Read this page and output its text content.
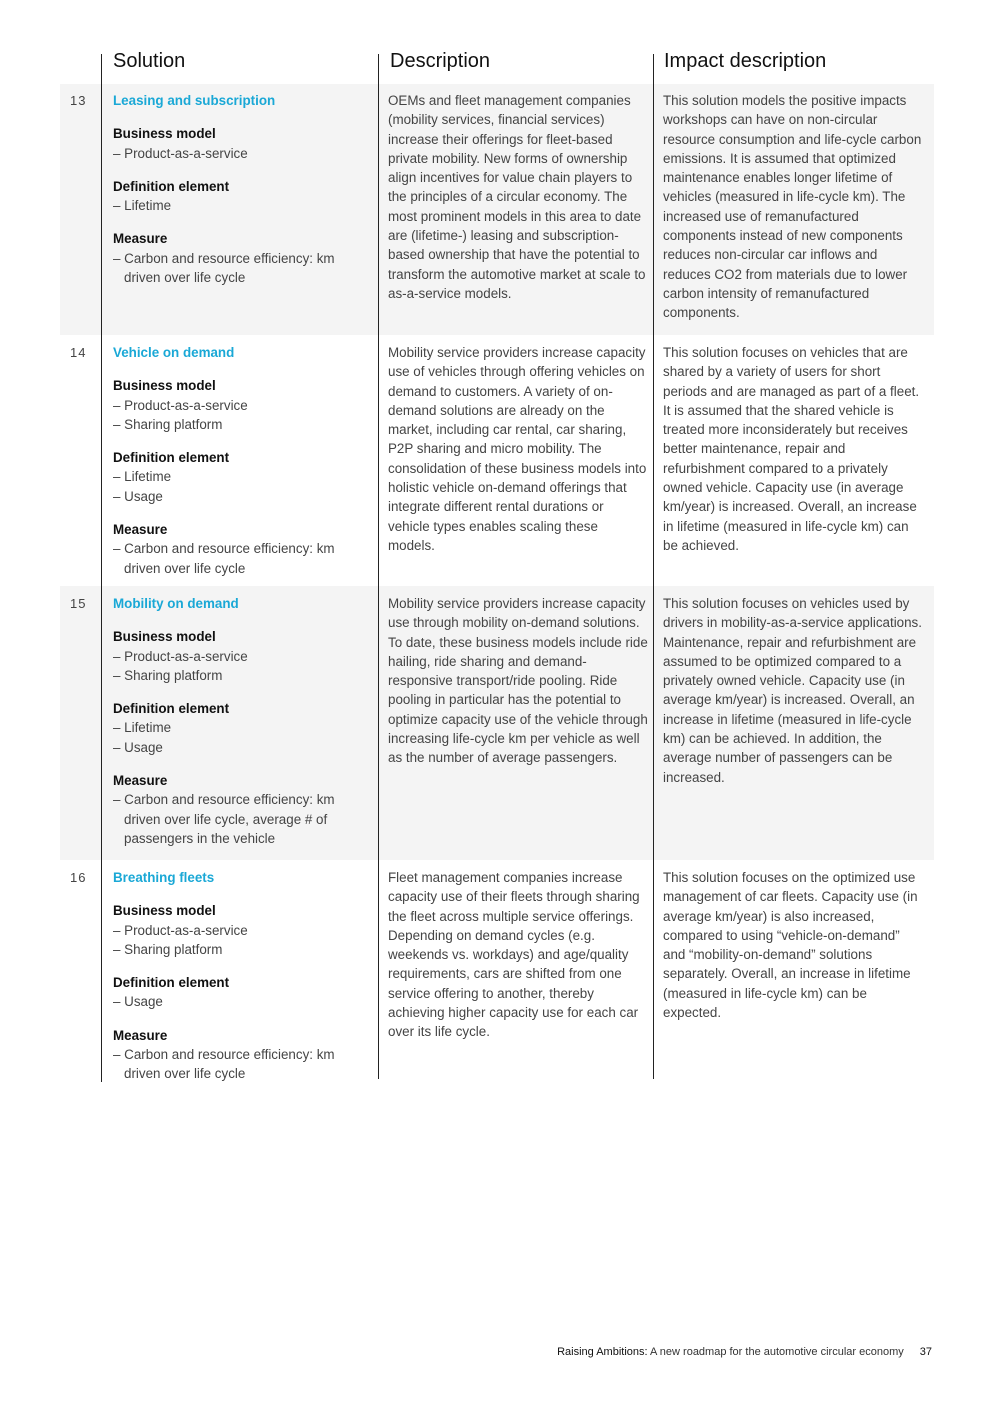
Solution	Description	Impact description
13 Leasing and subscription
Business model
– Product-as-a-service
Definition element
– Lifetime
Measure
– Carbon and resource efficiency: km driven over life cycle
OEMs and fleet management companies (mobility services, financial services) increase their offerings for fleet-based private mobility. New forms of ownership align incentives for value chain players to the principles of a circular economy. The most prominent models in this area to date are (lifetime-) leasing and subscription-based ownership that have the potential to transform the automotive market at scale to as-a-service models.
This solution models the positive impacts workshops can have on non-circular resource consumption and life-cycle carbon emissions. It is assumed that optimized maintenance enables longer lifetime of vehicles (measured in life-cycle km). The increased use of remanufactured components instead of new components reduces non-circular car inflows and reduces CO2 from materials due to lower carbon intensity of remanufactured components.
14 Vehicle on demand
Business model
– Product-as-a-service
– Sharing platform
Definition element
– Lifetime
– Usage
Measure
– Carbon and resource efficiency: km driven over life cycle
Mobility service providers increase capacity use of vehicles through offering vehicles on demand to customers. A variety of on-demand solutions are already on the market, including car rental, car sharing, P2P sharing and micro mobility. The consolidation of these business models into holistic vehicle on-demand offerings that integrate different rental durations or vehicle types enables scaling these models.
This solution focuses on vehicles that are shared by a variety of users for short periods and are managed as part of a fleet. It is assumed that the shared vehicle is treated more inconsiderately but receives better maintenance, repair and refurbishment compared to a privately owned vehicle. Capacity use (in average km/year) is increased. Overall, an increase in lifetime (measured in life-cycle km) can be achieved.
15 Mobility on demand
Business model
– Product-as-a-service
– Sharing platform
Definition element
– Lifetime
– Usage
Measure
– Carbon and resource efficiency: km driven over life cycle, average # of passengers in the vehicle
Mobility service providers increase capacity use through mobility on-demand solutions. To date, these business models include ride hailing, ride sharing and demand-responsive transport/ride pooling. Ride pooling in particular has the potential to optimize capacity use of the vehicle through increasing life-cycle km per vehicle as well as the number of average passengers.
This solution focuses on vehicles used by drivers in mobility-as-a-service applications. Maintenance, repair and refurbishment are assumed to be optimized compared to a privately owned vehicle. Capacity use (in average km/year) is increased. Overall, an increase in lifetime (measured in life-cycle km) can be achieved. In addition, the average number of passengers can be increased.
16 Breathing fleets
Business model
– Product-as-a-service
– Sharing platform
Definition element
– Usage
Measure
– Carbon and resource efficiency: km driven over life cycle
Fleet management companies increase capacity use of their fleets through sharing the fleet across multiple service offerings. Depending on demand cycles (e.g. weekends vs. workdays) and age/quality requirements, cars are shifted from one service offering to another, thereby achieving higher capacity use for each car over its life cycle.
This solution focuses on the optimized use management of car fleets. Capacity use (in average km/year) is also increased, compared to using “vehicle-on-demand” and “mobility-on-demand” solutions separately. Overall, an increase in lifetime (measured in life-cycle km) can be expected.
Raising Ambitions: A new roadmap for the automotive circular economy 37
